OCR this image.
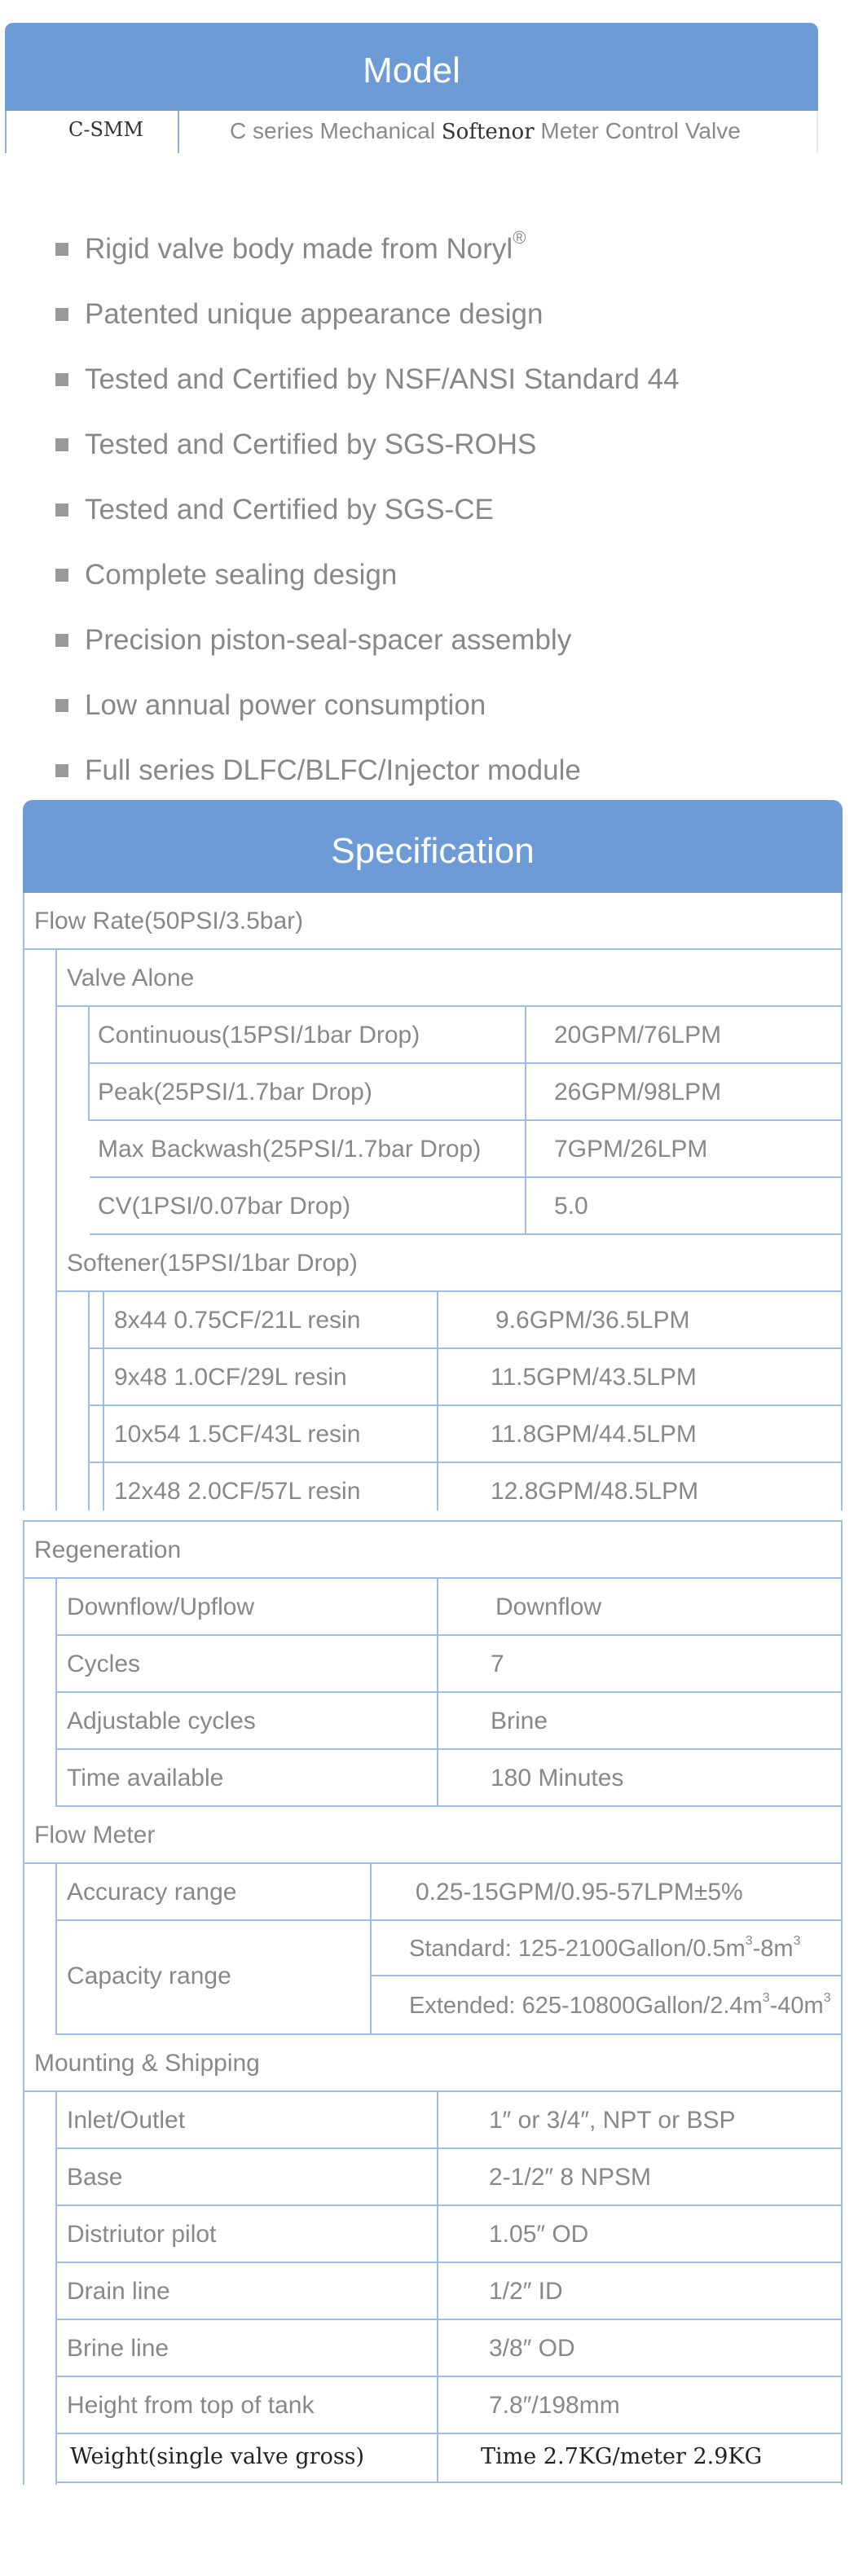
Model
C-SMM	C series Mechanical Softenor Meter Control Valve
Rigid valve body made from Noryl®
Patented unique appearance design
Tested and Certified by NSF/ANSI Standard 44
Tested and Certified by SGS-ROHS
Tested and Certified by SGS-CE
Complete sealing design
Precision piston-seal-spacer assembly
Low annual power consumption
Full series DLFC/BLFC/Injector module
Specification
Flow Rate(50PSI/3.5bar)
Valve Alone
Continuous(15PSI/1bar Drop)	20GPM/76LPM
Peak(25PSI/1.7bar Drop)	26GPM/98LPM
Max Backwash(25PSI/1.7bar Drop)	7GPM/26LPM
CV(1PSI/0.07bar Drop)	5.0
Softener(15PSI/1bar Drop)
8x44 0.75CF/21L resin	9.6GPM/36.5LPM
9x48 1.0CF/29L resin	11.5GPM/43.5LPM
10x54 1.5CF/43L resin	11.8GPM/44.5LPM
12x48 2.0CF/57L resin	12.8GPM/48.5LPM
Regeneration
Downflow/Upflow	Downflow
Cycles	7
Adjustable cycles	Brine
Time available	180 Minutes
Flow Meter
Accuracy range	0.25-15GPM/0.95-57LPM±5%
Capacity range
Standard: $125-2100Gallon/0.5m^3-8m^3$
Extended: $625-10800Gallon/2.4m^3-40m^3$
Mounting & Shipping
Inlet/Outlet	1″ or 3/4″, NPT or BSP
Base	2-1/2″ 8 NPSM
Distriutor pilot	1.05″ OD
Drain line	1/2″ ID
Brine line	3/8″ OD
Height from top of tank	7.8″/198mm
Weight(single valve gross)	Time 2.7KG/meter 2.9KG
